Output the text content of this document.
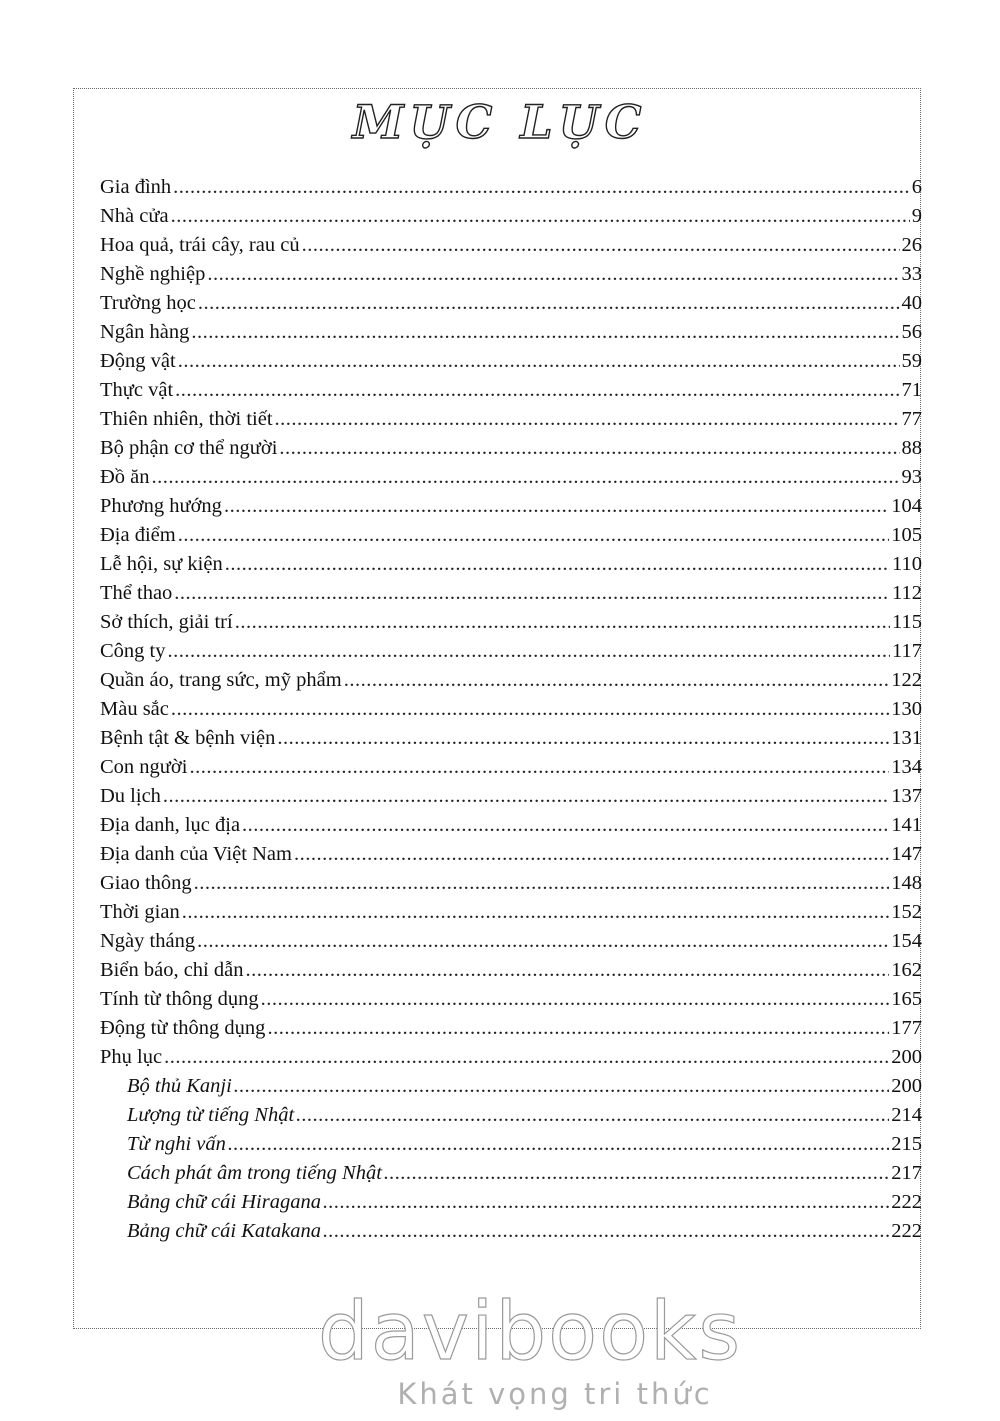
MỤC LỤC
Gia đình .....	6
Nhà cửa .....	9
Hoa quả, trái cây, rau củ .....	26
Nghề nghiệp .....	33
Trường học .....	40
Ngân hàng .....	56
Động vật .....	59
Thực vật .....	71
Thiên nhiên, thời tiết .....	77
Bộ phận cơ thể người .....	88
Đồ ăn .....	93
Phương hướng .....	104
Địa điểm .....	105
Lễ hội, sự kiện .....	110
Thể thao .....	112
Sở thích, giải trí .....	115
Công ty .....	117
Quần áo, trang sức, mỹ phẩm .....	122
Màu sắc .....	130
Bệnh tật & bệnh viện .....	131
Con người .....	134
Du lịch .....	137
Địa danh, lục địa .....	141
Địa danh của Việt Nam .....	147
Giao thông .....	148
Thời gian .....	152
Ngày tháng .....	154
Biển báo, chỉ dẫn .....	162
Tính từ thông dụng .....	165
Động từ thông dụng .....	177
Phụ lục .....	200
Bộ thủ Kanji .....	200
Lượng từ tiếng Nhật .....	214
Từ nghi vấn .....	215
Cách phát âm trong tiếng Nhật .....	217
Bảng chữ cái Hiragana .....	222
Bảng chữ cái Katakana .....	222
davibooks
Khát vọng tri thức
